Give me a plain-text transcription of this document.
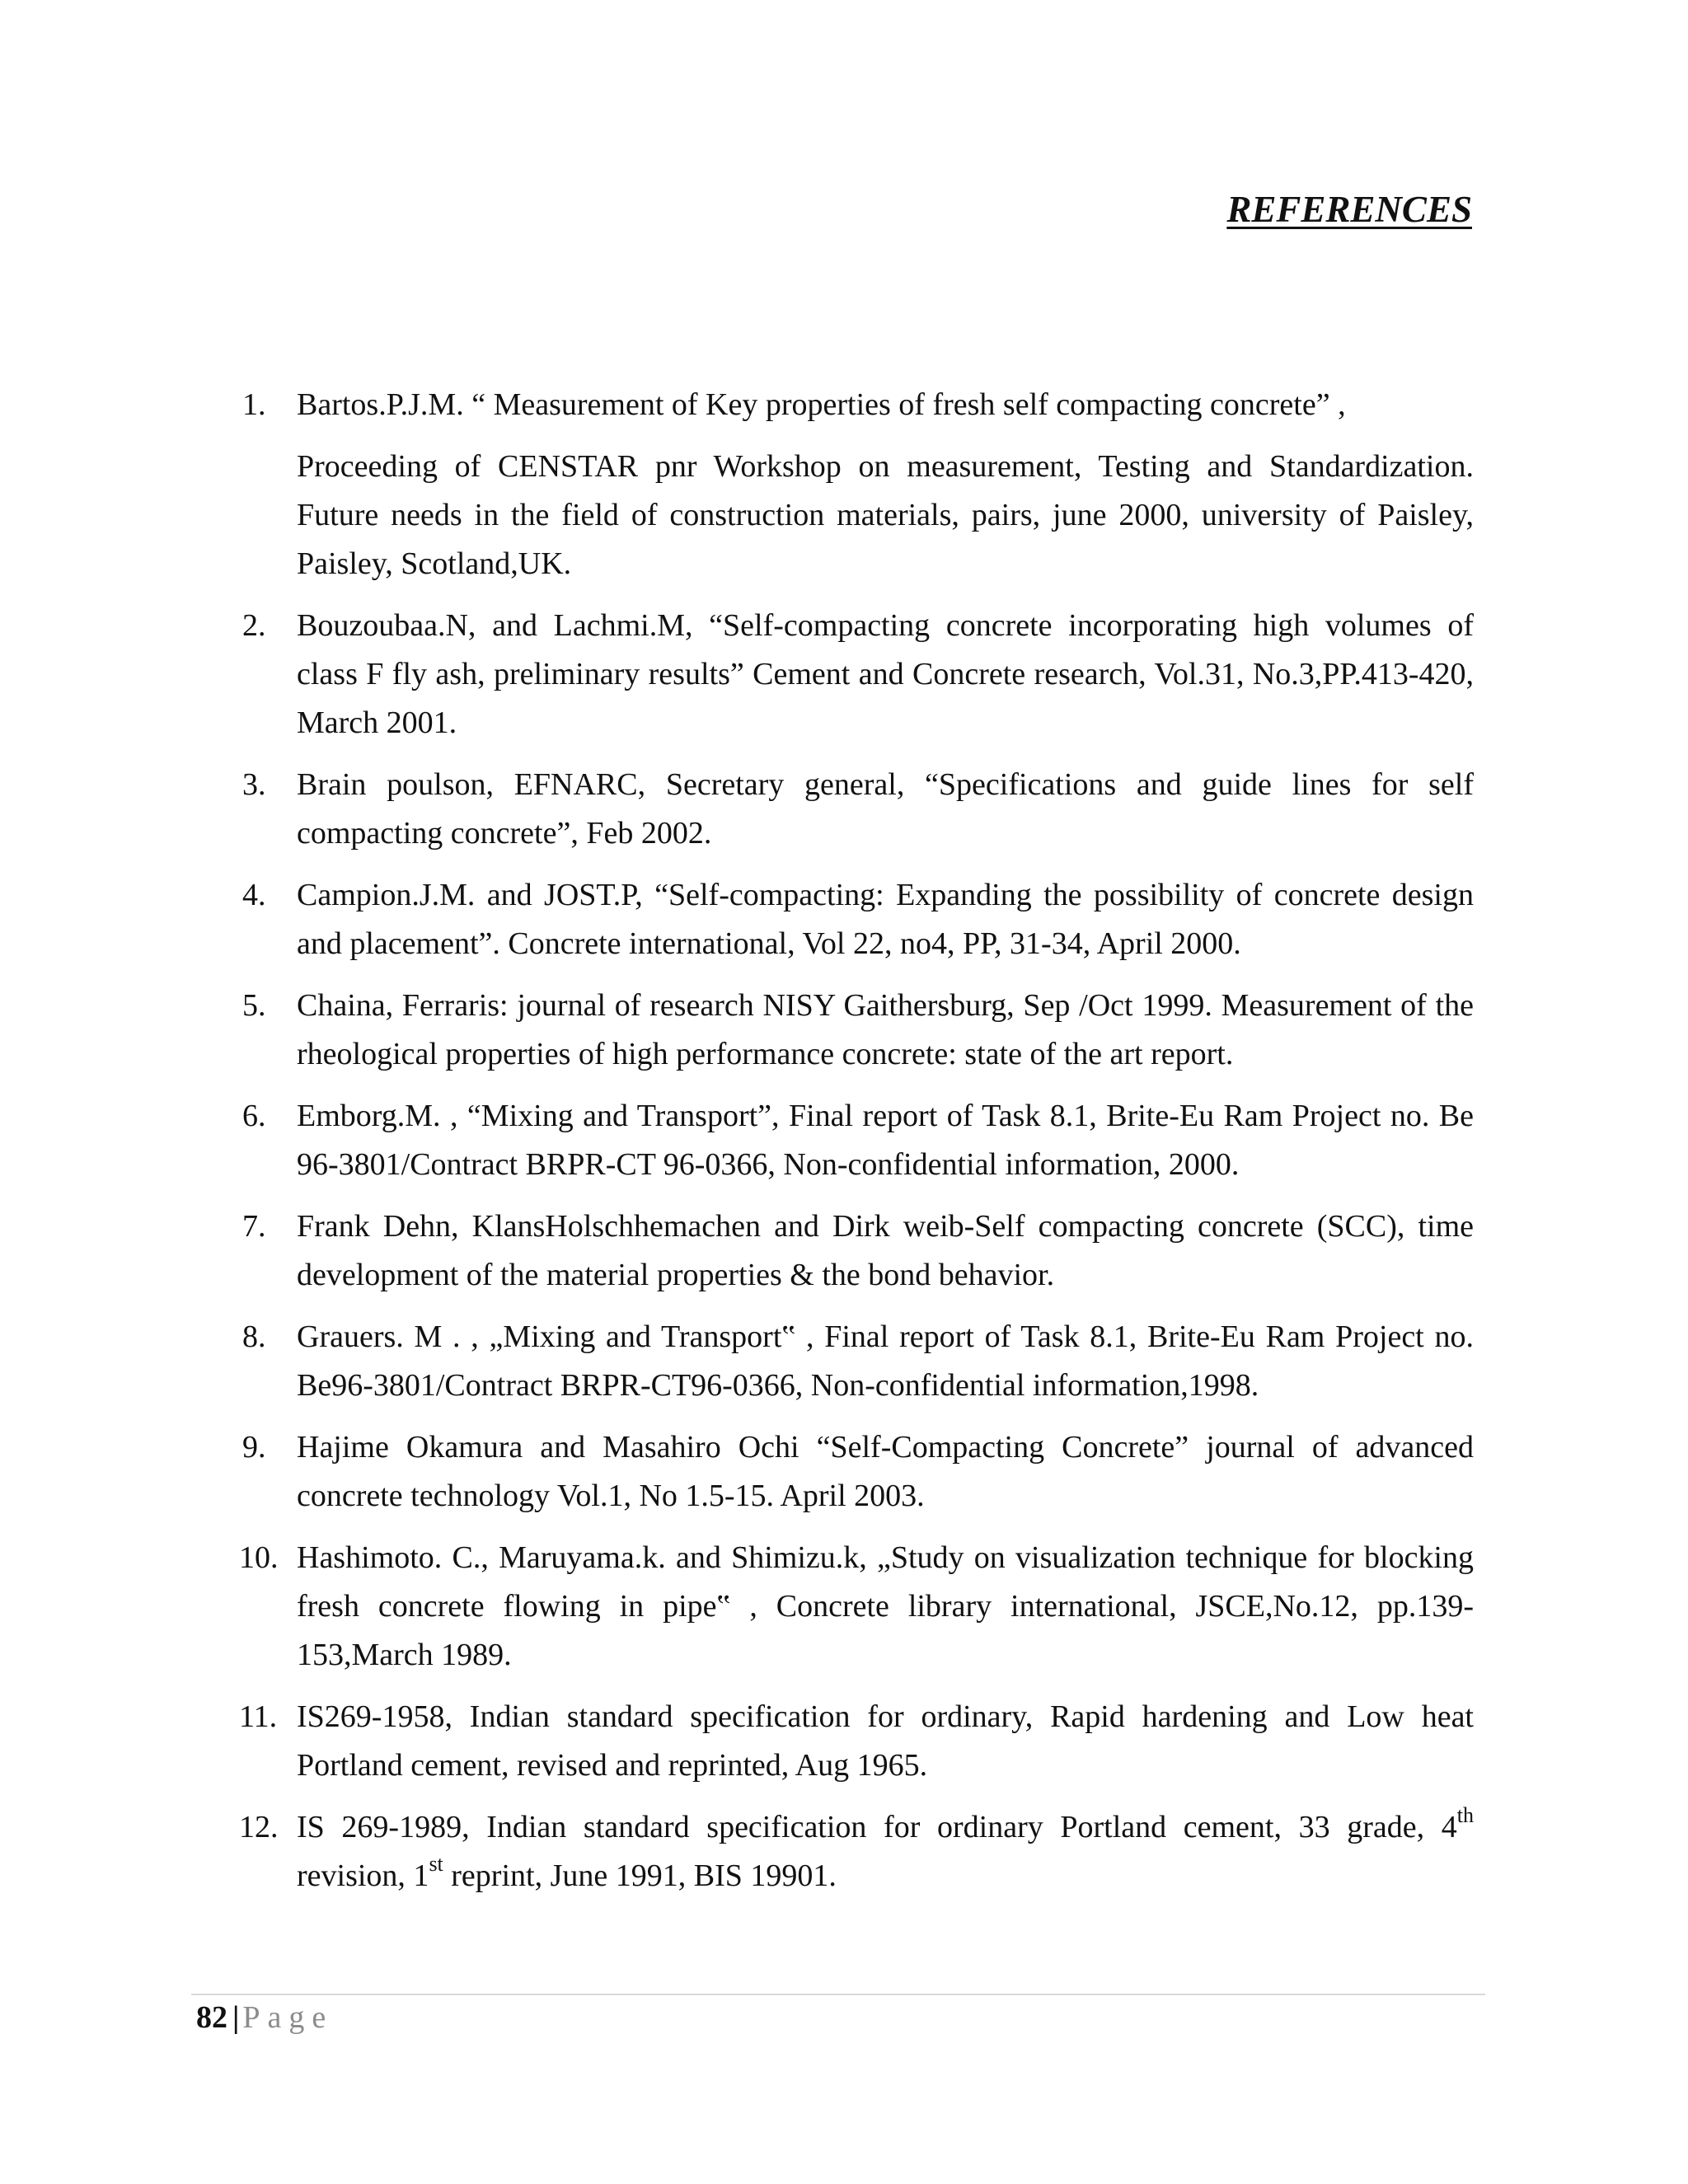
REFERENCES
1. Bartos.P.J.M. “ Measurement of Key properties of fresh self compacting concrete” ,
Proceeding of CENSTAR pnr Workshop on measurement, Testing and Standardization. Future needs in the field of construction materials, pairs, june 2000, university of Paisley, Paisley, Scotland,UK.
2. Bouzoubaa.N, and Lachmi.M, “Self-compacting concrete incorporating high volumes of class F fly ash, preliminary results” Cement and Concrete research, Vol.31, No.3,PP.413-420, March 2001.
3. Brain poulson, EFNARC, Secretary general, “Specifications and guide lines for self compacting concrete”, Feb 2002.
4. Campion.J.M. and JOST.P, “Self-compacting: Expanding the possibility of concrete design and placement”. Concrete international, Vol 22, no4, PP, 31-34, April 2000.
5. Chaina, Ferraris: journal of research NISY Gaithersburg, Sep /Oct 1999. Measurement of the rheological properties of high performance concrete: state of the art report.
6. Emborg.M. , “Mixing and Transport”, Final report of Task 8.1, Brite-Eu Ram Project no. Be 96-3801/Contract BRPR-CT 96-0366, Non-confidential information, 2000.
7. Frank Dehn, KlansHolschhemachen and Dirk weib-Self compacting concrete (SCC), time development of the material properties & the bond behavior.
8. Grauers. M . , „Mixing and Transport‟ , Final report of Task 8.1, Brite-Eu Ram Project no. Be96-3801/Contract BRPR-CT96-0366, Non-confidential information,1998.
9. Hajime Okamura and Masahiro Ochi “Self-Compacting Concrete” journal of advanced concrete technology Vol.1, No 1.5-15. April 2003.
10. Hashimoto. C., Maruyama.k. and Shimizu.k, „Study on visualization technique for blocking fresh concrete flowing in pipe‟ , Concrete library international, JSCE,No.12, pp.139-153,March 1989.
11. IS269-1958, Indian standard specification for ordinary, Rapid hardening and Low heat Portland cement, revised and reprinted, Aug 1965.
12. IS 269-1989, Indian standard specification for ordinary Portland cement, 33 grade, 4th revision, 1st reprint, June 1991, BIS 19901.
82 | Page
